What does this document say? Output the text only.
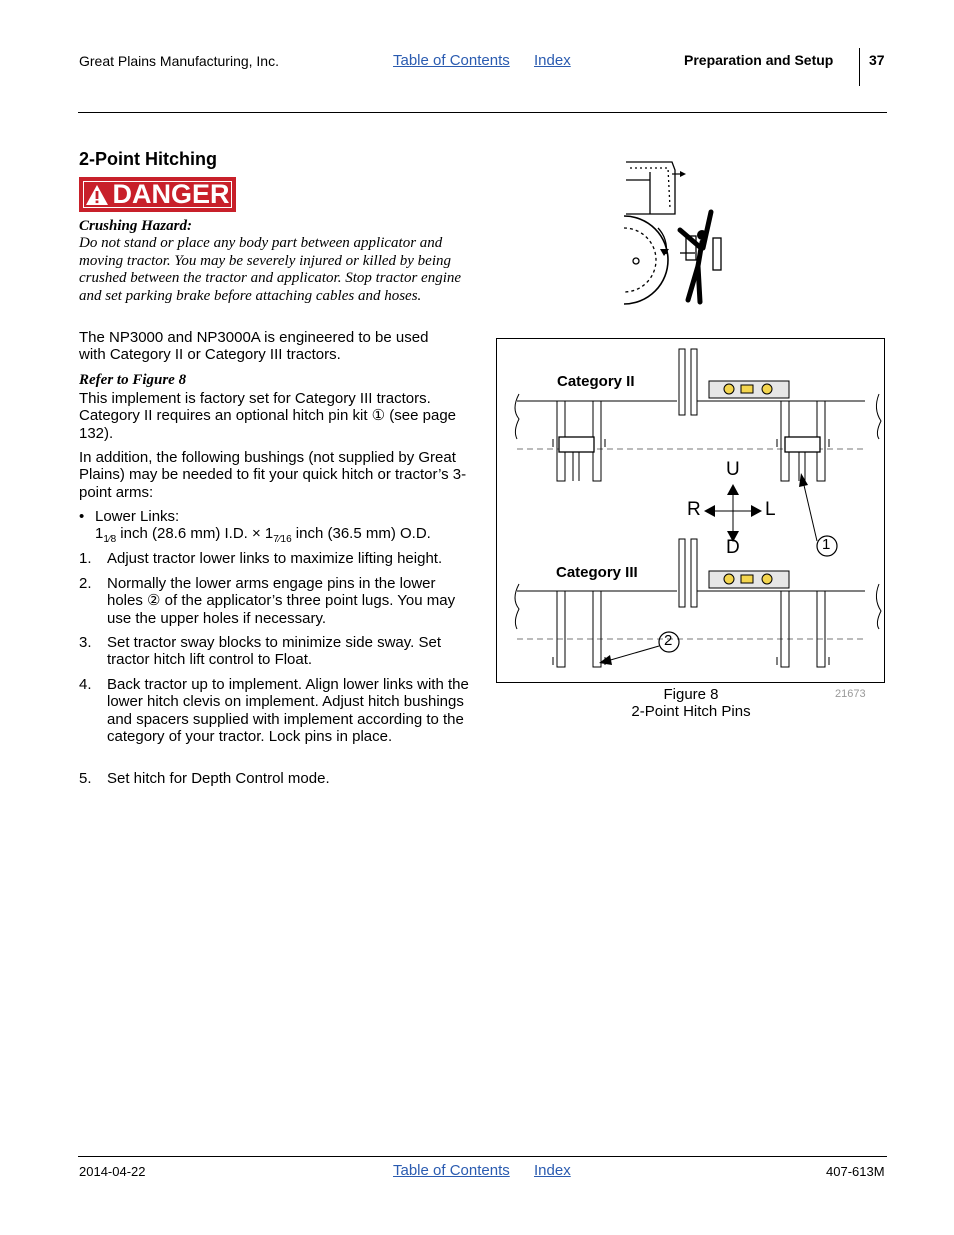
Great Plains Manufacturing, Inc.	Table of Contents Index	Preparation and Setup	37
2-Point Hitching
DANGER
Crushing Hazard:
Do not stand or place any body part between applicator and moving tractor. You may be severely injured or killed by being crushed between the tractor and applicator. Stop tractor engine and set parking brake before attaching cables and hoses.
The NP3000 and NP3000A is engineered to be used with Category II or Category III tractors.
Refer to Figure 8
This implement is factory set for Category III tractors. Category II requires an optional hitch pin kit ① (see page 132).
In addition, the following bushings (not supplied by Great Plains) may be needed to fit your quick hitch or tractor’s 3-point arms:
• Lower Links:
$1_{1⁄8}$ inch (28.6 mm) I.D. × $1_{7⁄16}$ inch (36.5 mm) O.D.
1. Adjust tractor lower links to maximize lifting height.
2. Normally the lower arms engage pins in the lower holes ② of the applicator’s three point lugs. You may use the upper holes if necessary.
3. Set tractor sway blocks to minimize side sway. Set tractor hitch lift control to Float.
4. Back tractor up to implement. Align lower links with the lower hitch clevis on implement. Adjust hitch bushings and spacers supplied with implement according to the category of your tractor. Lock pins in place.
5. Set hitch for Depth Control mode.
Category II
Category III
U
D
R	L
1
2
Figure 8
2-Point Hitch Pins
21673
2014-04-22	Table of Contents Index	407-613M
